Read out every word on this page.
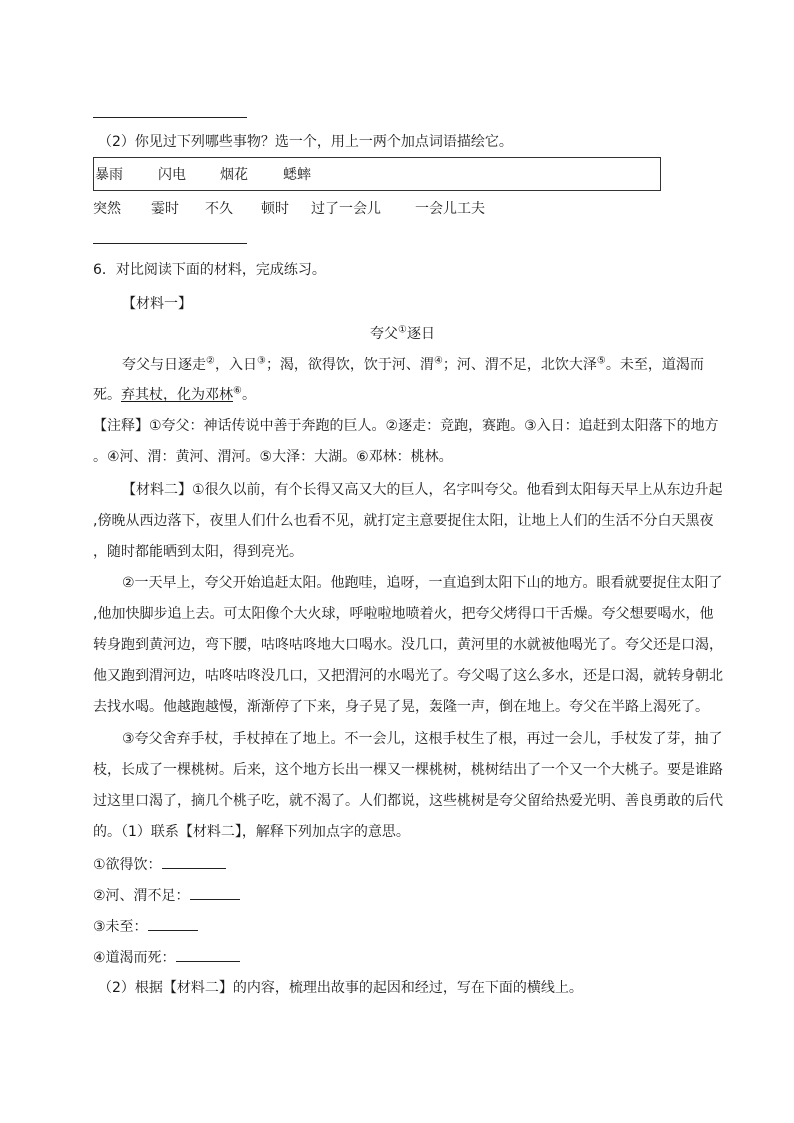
（2）你见过下列哪些事物？选一个，用上一两个加点词语描绘它。
暴雨	闪电 烟花	蟋蟀
突然 霎时 不久 顿时 过了一会儿 一会儿工夫
6．对比阅读下面的材料，完成练习。
【材料一】
夸父①逐日
夸父与日逐走②，入日③；渴，欲得饮，饮于河、渭④；河、渭不足，北饮大泽⑤。未至，道渴而
死。弃其杖，化为邓林⑥。
【注释】①夸父：神话传说中善于奔跑的巨人。②逐走：竞跑，赛跑。③入日：追赶到太阳落下的地方
。④河、渭：黄河、渭河。⑤大泽：大湖。⑥邓林：桃林。
【材料二】①很久以前，有个长得又高又大的巨人，名字叫夸父。他看到太阳每天早上从东边升起
,傍晚从西边落下，夜里人们什么也看不见，就打定主意要捉住太阳，让地上人们的生活不分白天黑夜
，随时都能晒到太阳，得到亮光。
②一天早上，夸父开始追赶太阳。他跑哇，追呀，一直追到太阳下山的地方。眼看就要捉住太阳了
,他加快脚步追上去。可太阳像个大火球，呼啦啦地喷着火，把夸父烤得口干舌燥。夸父想要喝水，他
转身跑到黄河边，弯下腰，咕咚咕咚地大口喝水。没几口，黄河里的水就被他喝光了。夸父还是口渴，
他又跑到渭河边，咕咚咕咚没几口，又把渭河的水喝光了。夸父喝了这么多水，还是口渴，就转身朝北
去找水喝。他越跑越慢，渐渐停了下来，身子晃了晃，轰隆一声，倒在地上。夸父在半路上渴死了。
③夸父舍弃手杖，手杖掉在了地上。不一会儿，这根手杖生了根，再过一会儿，手杖发了芽，抽了
枝，长成了一棵桃树。后来，这个地方长出一棵又一棵桃树，桃树结出了一个又一个大桃子。要是谁路
过这里口渴了，摘几个桃子吃，就不渴了。人们都说，这些桃树是夸父留给热爱光明、善良勇敢的后代
的。（1）联系【材料二】，解释下列加点字的意思。
①欲得饮：
②河、渭不足：
③未至：
④道渴而死：
（2）根据【材料二】的内容，梳理出故事的起因和经过，写在下面的横线上。
